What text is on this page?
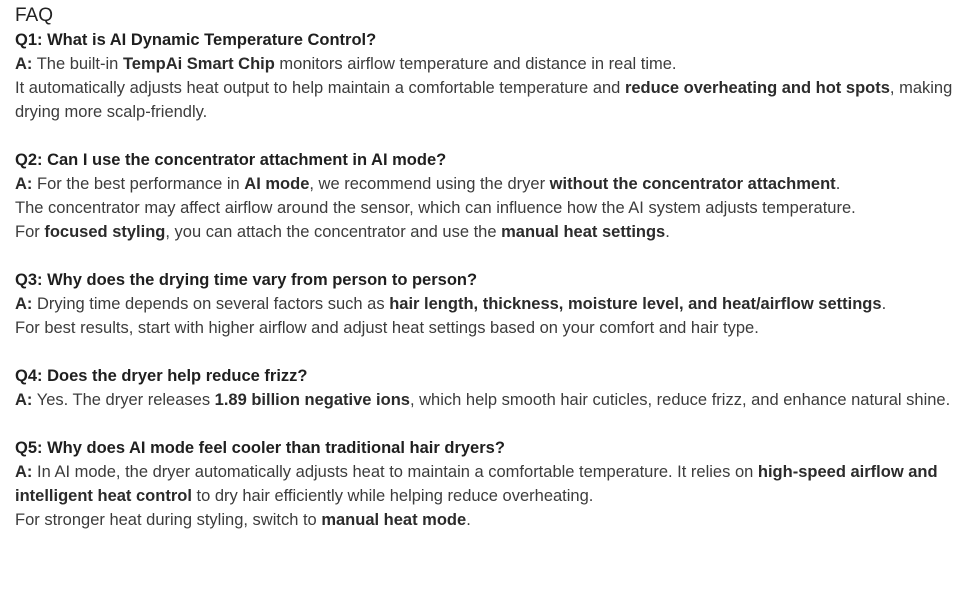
FAQ

Q1: What is AI Dynamic Temperature Control?

A: The built-in TempAi Smart Chip monitors airflow temperature and distance in real time.

It automatically adjusts heat output to help maintain a comfortable temperature and reduce overheating and hot spots, making drying more scalp-friendly.

Q2: Can I use the concentrator attachment in AI mode?

A: For the best performance in AI mode, we recommend using the dryer without the concentrator attachment.

The concentrator may affect airflow around the sensor, which can influence how the AI system adjusts temperature.

For focused styling, you can attach the concentrator and use the manual heat settings.

Q3: Why does the drying time vary from person to person?

A: Drying time depends on several factors such as hair length, thickness, moisture level, and heat/airflow settings.

For best results, start with higher airflow and adjust heat settings based on your comfort and hair type.

Q4: Does the dryer help reduce frizz?

A: Yes. The dryer releases 1.89 billion negative ions, which help smooth hair cuticles, reduce frizz, and enhance natural shine.

Q5: Why does AI mode feel cooler than traditional hair dryers?

A: In AI mode, the dryer automatically adjusts heat to maintain a comfortable temperature. It relies on high-speed airflow and intelligent heat control to dry hair efficiently while helping reduce overheating.

For stronger heat during styling, switch to manual heat mode.
